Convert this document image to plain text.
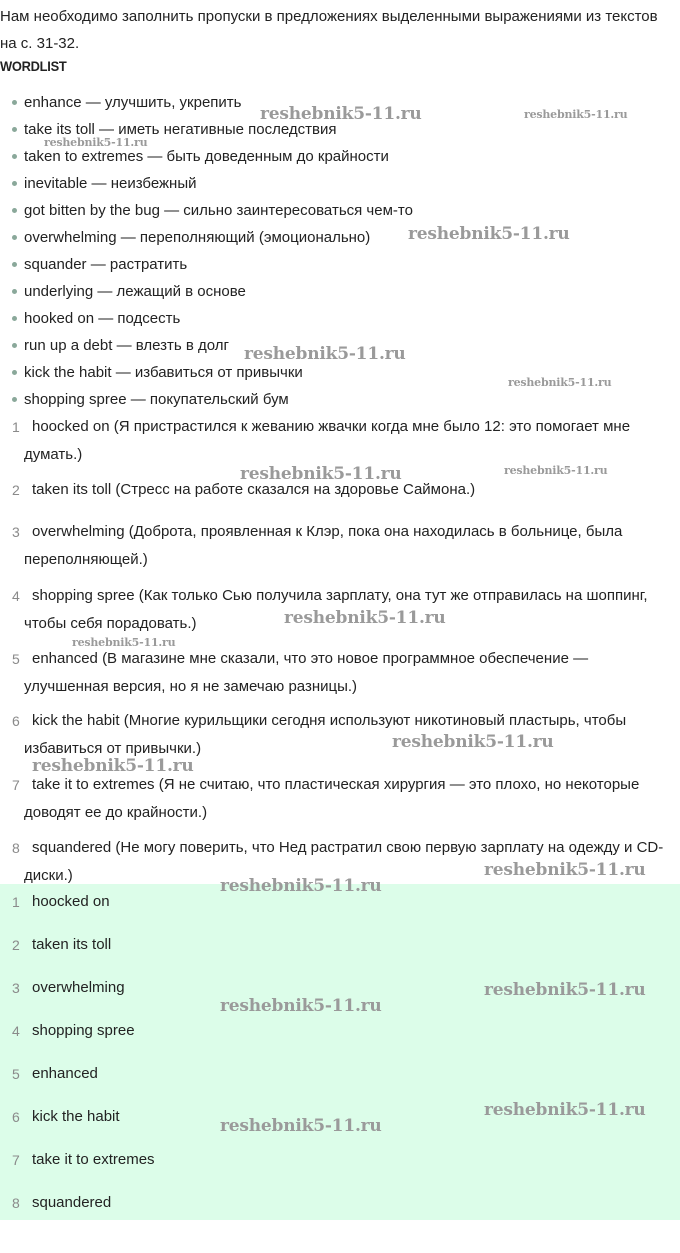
Нам необходимо заполнить пропуски в предложениях выделенными выражениями из текстов на с. 31-32.

WORDLIST
enhance — улучшить, укрепить
take its toll — иметь негативные последствия
taken to extremes — быть доведенным до крайности
inevitable — неизбежный
got bitten by the bug — сильно заинтересоваться чем-то
overwhelming — переполняющий (эмоционально)
squander — растратить
underlying — лежащий в основе
hooked on — подсесть
run up a debt — влезть в долг
kick the habit — избавиться от привычки
shopping spree — покупательский бум
1 hoocked on (Я пристрастился к жеванию жвачки когда мне было 12: это помогает мне думать.)
2 taken its toll (Стресс на работе сказался на здоровье Саймона.)
3 overwhelming (Доброта, проявленная к Клэр, пока она находилась в больнице, была переполняющей.)
4 shopping spree (Как только Сью получила зарплату, она тут же отправилась на шоппинг, чтобы себя порадовать.)
5 enhanced (В магазине мне сказали, что это новое программное обеспечение — улучшенная версия, но я не замечаю разницы.)
6 kick the habit (Многие курильщики сегодня используют никотиновый пластырь, чтобы избавиться от привычки.)
7 take it to extremes (Я не считаю, что пластическая хирургия — это плохо, но некоторые доводят ее до крайности.)
8 squandered (Не могу поверить, что Нед растратил свою первую зарплату на одежду и CD-диски.)
1 hoocked on
2 taken its toll
3 overwhelming
4 shopping spree
5 enhanced
6 kick the habit
7 take it to extremes
8 squandered
reshebnik5-11.ru	reshebnik5-11.ru
reshebnik5-11.ru
reshebnik5-11.ru
reshebnik5-11.ru
reshebnik5-11.ru
reshebnik5-11.ru	reshebnik5-11.ru
reshebnik5-11.ru
reshebnik5-11.ru
reshebnik5-11.ru
reshebnik5-11.ru
reshebnik5-11.ru
reshebnik5-11.ru
reshebnik5-11.ru
reshebnik5-11.ru
reshebnik5-11.ru
reshebnik5-11.ru
